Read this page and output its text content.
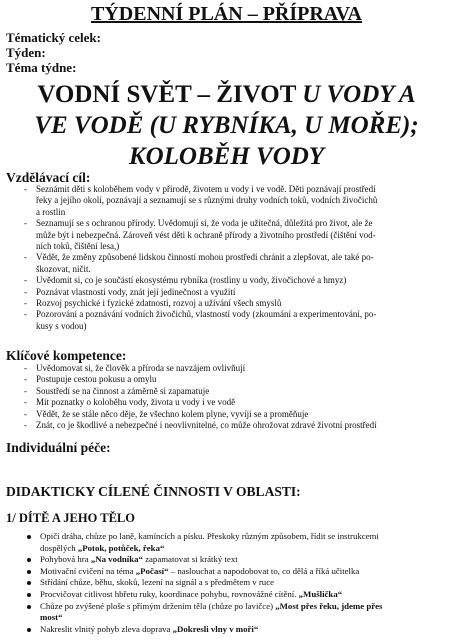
TÝDENNÍ PLÁN – PŘÍPRAVA
Tématický celek:
Týden:
Téma týdne:
VODNÍ SVĚT – ŽIVOT U VODY A
VE VODĚ (U RYBNÍKA, U MOŘE);
KOLOBĚH VODY
Vzdělávací cíl:
- Seznámit děti s koloběhem vody v přírodě, životem u vody i ve vodě. Děti poznávají prostředí
řeky a jejího okolí, poznávají a seznamují se s různými druhy vodních toků, vodních živočichů
a rostlin
- Seznamují se s ochranou přírody. Uvědomují si, že voda je užitečná, důležitá pro život, ale že
může být i nebezpečná. Zároveň vést děti k ochraně přírody a životního prostředí (čištění vod-
ních toků, čištění lesa,)
- Vědět, že změny způsobené lidskou činností mohou prostředí chránit a zlepšovat, ale také po-
škozovat, ničit.
- Uvědomit si, co je součástí ekosystému rybníka (rostliny u vody, živočichové a hmyz)
- Poznávat vlastnosti vody, znát její jedinečnost a využití
- Rozvoj psychické i fyzické zdatnosti, rozvoj a užívání všech smyslů
- Pozorování a poznávání vodních živočichů, vlastností vody (zkoumání a experimentování, po-
kusy s vodou)
Klíčové kompetence:
- Uvědomovat si, že člověk a příroda se navzájem ovlivňují
- Postupuje cestou pokusu a omylu
- Soustředí se na činnost a záměrně si zapamatuje
- Mít poznatky o koloběhu vody, života u vody i ve vodě
- Vědět, že se stále něco děje, že všechno kolem plyne, vyvíjí se a proměňuje
- Znát, co je škodlivé a nebezpečné i neovlivnitelné, co může ohrožovat zdravé životní prostředí
Individuální péče:
DIDAKTICKY CÍLENÉ ČINNOSTI V OBLASTI:
1/ DÍTĚ A JEHO TĚLO
Opičí dráha, chůze po laně, kamíncích a písku. Přeskoky různým způsobem, řídit se instrukcemi
dospělých „Potok, potůček, řeka“
Pohybová hra „Na vodníka“ zapamatovat si krátký text
Motivační cvičení na téma „Počasí“ – naslouchat a napodobovat to, co dělá a říká učitelka
Střídání chůze, běhu, skoků, lezení na signál a s předmětem v ruce
Procvičovat citlivost hbřetu ruky, koordinace pohybu, rovnovážné cítění. „Mušlička“
Chůze po zvýšené ploše s přímým držením těla (chůze po lavičce) „Most přes řeku, jdeme přes
most“
Nakreslit vlnitý pohyb zleva doprava „Dokresli vlny v moři“
